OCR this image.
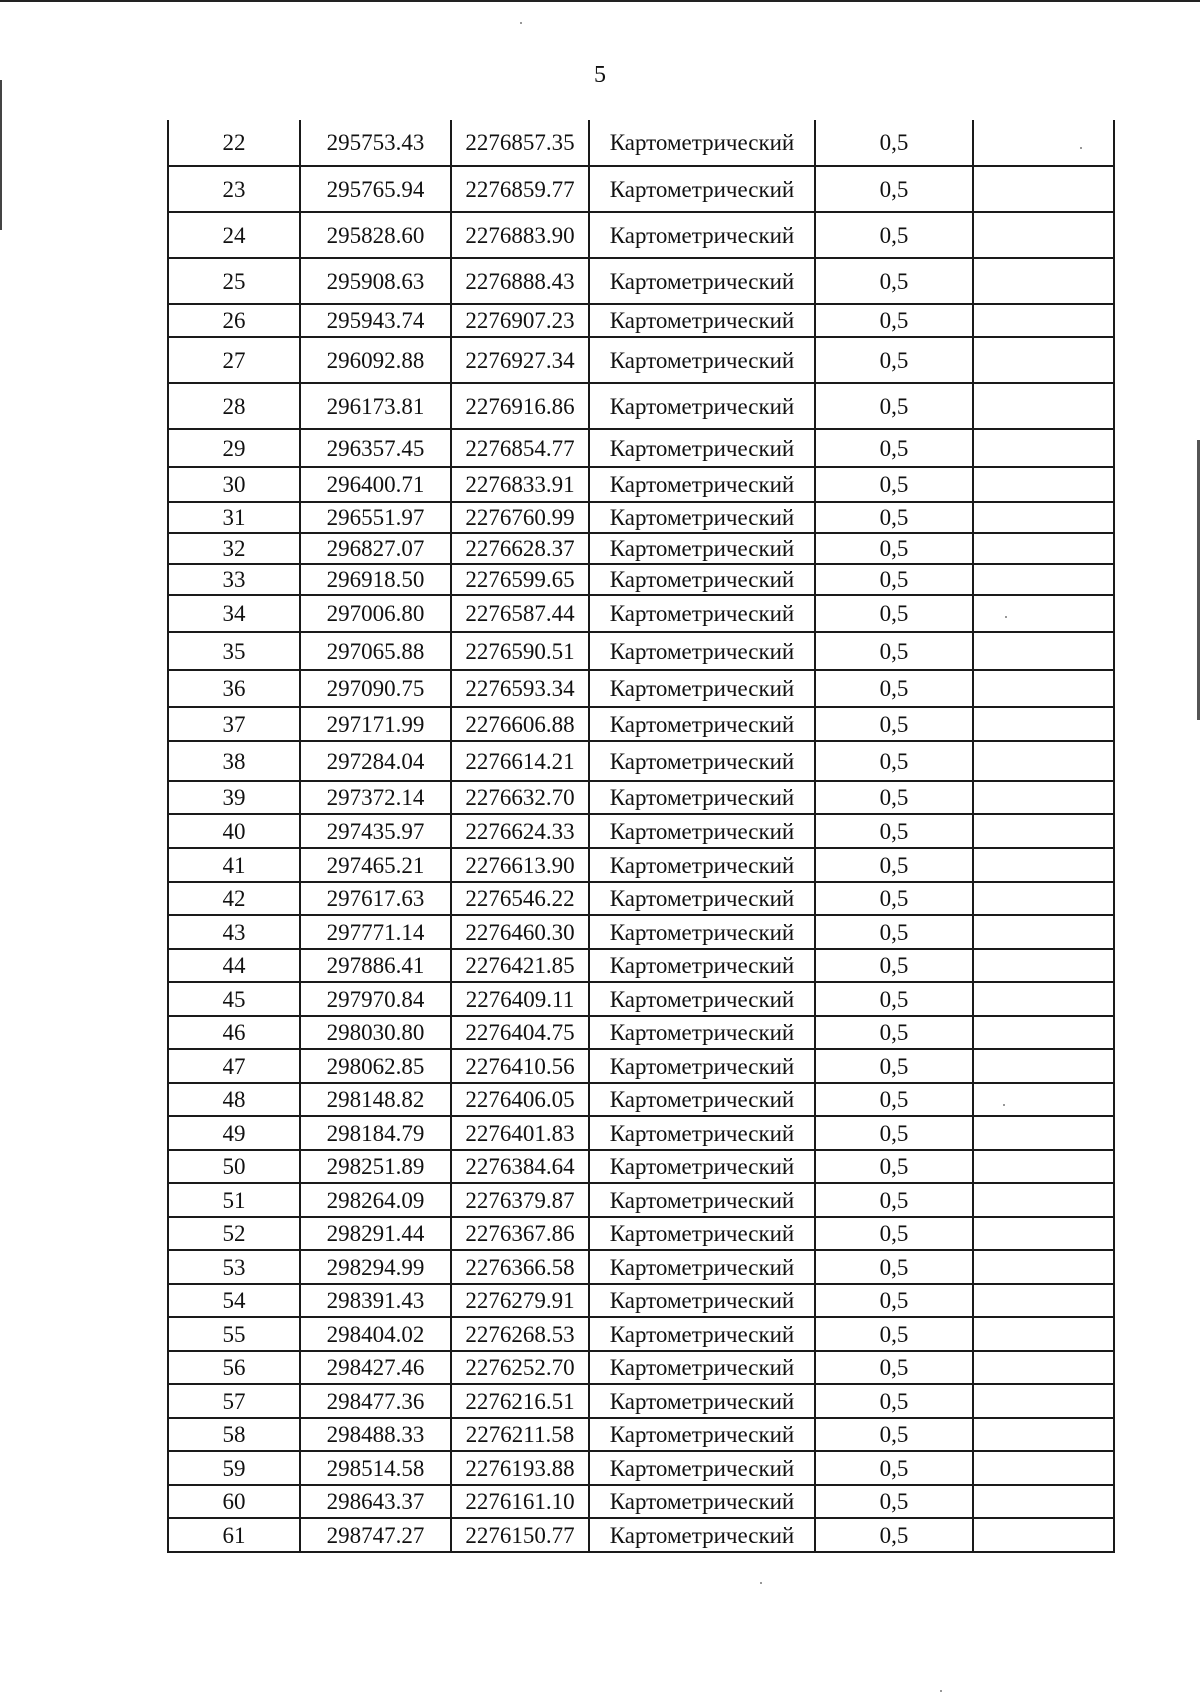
5
22	295753.43	2276857.35	Картометрический	0,5	
23	295765.94	2276859.77	Картометрический	0,5	
24	295828.60	2276883.90	Картометрический	0,5	
25	295908.63	2276888.43	Картометрический	0,5	
26	295943.74	2276907.23	Картометрический	0,5	
27	296092.88	2276927.34	Картометрический	0,5	
28	296173.81	2276916.86	Картометрический	0,5	
29	296357.45	2276854.77	Картометрический	0,5	
30	296400.71	2276833.91	Картометрический	0,5	
31	296551.97	2276760.99	Картометрический	0,5	
32	296827.07	2276628.37	Картометрический	0,5	
33	296918.50	2276599.65	Картометрический	0,5	
34	297006.80	2276587.44	Картометрический	0,5	
35	297065.88	2276590.51	Картометрический	0,5	
36	297090.75	2276593.34	Картометрический	0,5	
37	297171.99	2276606.88	Картометрический	0,5	
38	297284.04	2276614.21	Картометрический	0,5	
39	297372.14	2276632.70	Картометрический	0,5	
40	297435.97	2276624.33	Картометрический	0,5	
41	297465.21	2276613.90	Картометрический	0,5	
42	297617.63	2276546.22	Картометрический	0,5	
43	297771.14	2276460.30	Картометрический	0,5	
44	297886.41	2276421.85	Картометрический	0,5	
45	297970.84	2276409.11	Картометрический	0,5	
46	298030.80	2276404.75	Картометрический	0,5	
47	298062.85	2276410.56	Картометрический	0,5	
48	298148.82	2276406.05	Картометрический	0,5	
49	298184.79	2276401.83	Картометрический	0,5	
50	298251.89	2276384.64	Картометрический	0,5	
51	298264.09	2276379.87	Картометрический	0,5	
52	298291.44	2276367.86	Картометрический	0,5	
53	298294.99	2276366.58	Картометрический	0,5	
54	298391.43	2276279.91	Картометрический	0,5	
55	298404.02	2276268.53	Картометрический	0,5	
56	298427.46	2276252.70	Картометрический	0,5	
57	298477.36	2276216.51	Картометрический	0,5	
58	298488.33	2276211.58	Картометрический	0,5	
59	298514.58	2276193.88	Картометрический	0,5	
60	298643.37	2276161.10	Картометрический	0,5	
61	298747.27	2276150.77	Картометрический	0,5	
